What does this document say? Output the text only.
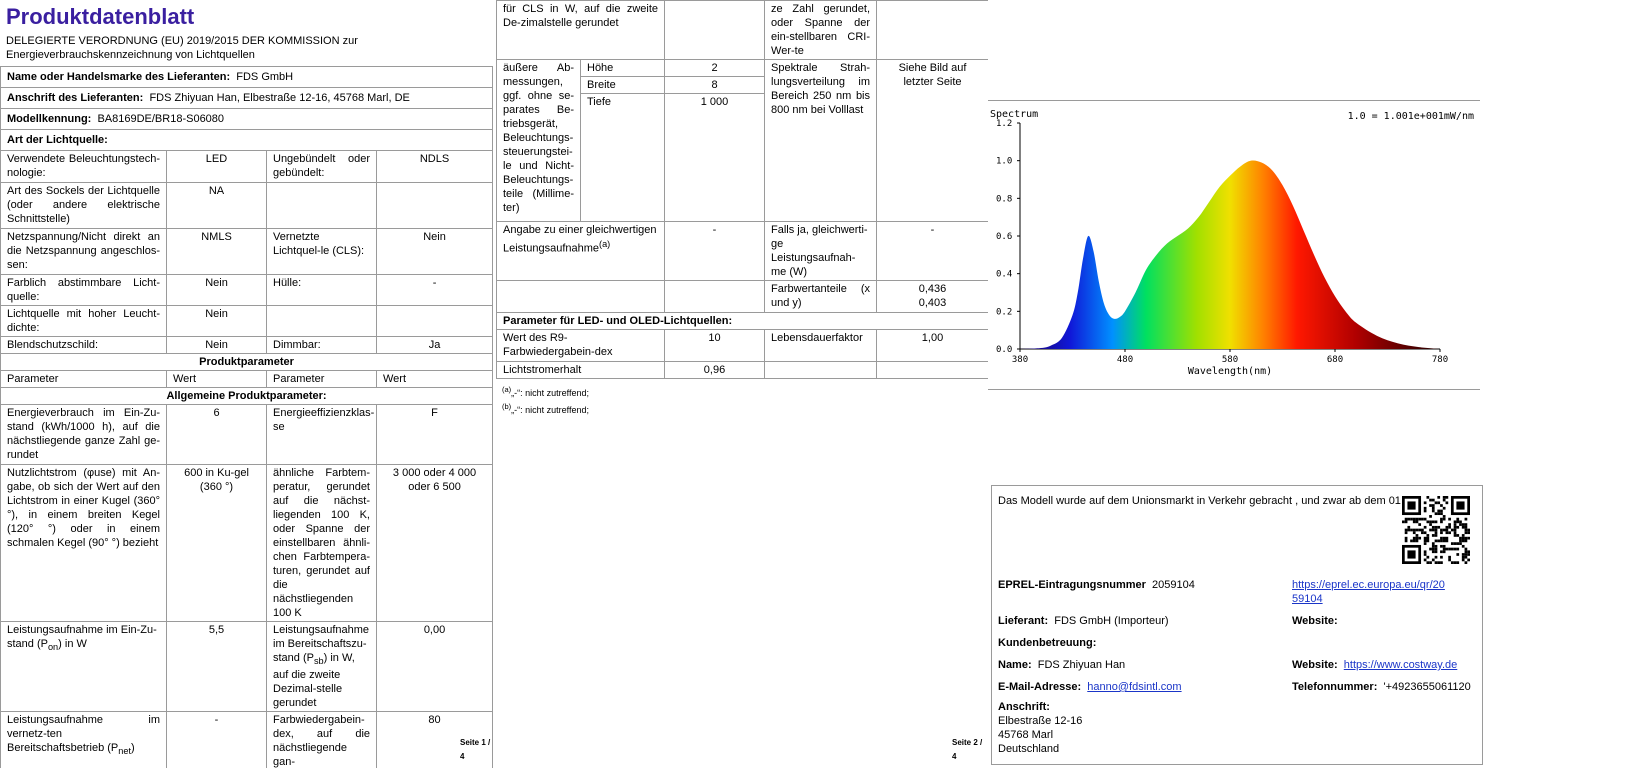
Produktdatenblatt
DELEGIERTE VERORDNUNG (EU) 2019/2015 DER KOMMISSION zur Energieverbrauchskennzeichnung von Lichtquellen
Name oder Handelsmarke des Lieferanten: FDS GmbH			
Anschrift des Lieferanten: FDS Zhiyuan Han, Elbestraße 12-16, 45768 Marl, DE			
Modellkennung: BA8169DE/BR18-S06080			
Art der Lichtquelle:			
Verwendete Beleuchtungstech-nologie:	LED	Ungebündelt oder gebündelt:	NDLS
Art des Sockels der Lichtquelle (oder andere elektrische Schnittstelle)	NA		
Netzspannung/Nicht direkt an die Netzspannung angeschlos-sen:	NMLS	Vernetzte Lichtquel-le (CLS):	Nein
Farblich abstimmbare Licht-quelle:	Nein	Hülle:	-
Lichtquelle mit hoher Leucht-dichte:	Nein		
Blendschutzschild:	Nein	Dimmbar:	Ja
Produktparameter			
Parameter	Wert	Parameter	Wert
Allgemeine Produktparameter:			
Energieverbrauch im Ein-Zu-stand (kWh/1000 h), auf die nächstliegende ganze Zahl ge-rundet	6	Energieeffizienzklas-se	F
Nutzlichtstrom (φuse) mit An-gabe, ob sich der Wert auf den Lichtstrom in einer Kugel (360° °), in einem breiten Kegel (120° °) oder in einem schmalen Kegel (90° °) bezieht	600 in Ku-gel (360 °)	ähnliche Farbtem-peratur, gerundet auf die nächst-liegenden 100 K, oder Spanne der einstellbaren ähnli-chen Farbtempera-turen, gerundet auf die nächstliegenden 100 K	3 000 oder 4 000 oder 6 500
Leistungsaufnahme im Ein-Zu-stand $(P_{on})$ in W	5,5	Leistungsaufnahme im Bereitschaftszu-stand $(P_{sb})$ in W, auf die zweite Dezimal-stelle gerundet	0,00
Leistungsaufnahme im vernetz-ten Bereitschaftsbetrieb $(P_{net})$	-	Farbwiedergabein-dex, auf die nächstliegende gan-	80
Seite 1 / 4
für CLS in W, auf die zweite De-zimalstelle gerundet			ze Zahl gerundet, oder Spanne der ein-stellbaren CRI-Wer-te	
äußere Ab-messungen, ggf. ohne se-parates Be-triebsgerät, Beleuchtungs-steuerungstei-le und Nicht-Beleuchtungs-teile (Millime-ter)	Höhe	2	Spektrale Strah-lungsverteilung im Bereich 250 nm bis 800 nm bei Volllast	Siehe Bild auf letzter Seite
	Breite	8		
	Tiefe	1 000		
Angabe zu einer gleichwertigen Leistungsaufnahme$^{(a)}$		-	Falls ja, gleichwerti-ge Leistungsaufnah-me (W)	-
			Farbwertanteile (x und y)	0,436
0,403

Parameter für LED- und OLED-Lichtquellen:				
Wert des R9-Farbwiedergabein-dex		10	Lebensdauerfaktor	1,00
Lichtstromerhalt		0,96		
$^{(a)}$„-“: nicht zutreffend;
$^{(b)}$„-“: nicht zutreffend;
Seite 2 / 4
Spectrum	1.0 = 1.001e+001mW/nm
0.0
0.2
0.4
0.6
0.8
1.0
1.2
380	480	580	680	780
Wavelength(nm)
Das Modell wurde auf dem Unionsmarkt in Verkehr gebracht , und zwar ab dem 01
EPREL-Eintragungsnummer 2059104	https://eprel.ec.europa.eu/qr/20
59104
Lieferant: FDS GmbH (Importeur)	Website:
Kundenbetreuung:
Name: FDS Zhiyuan Han	Website: https://www.costway.de
E-Mail-Adresse: hanno@fdsintl.com	Telefonnummer: '+4923655061120
Anschrift:
Elbestraße 12-16
45768 Marl
Deutschland
